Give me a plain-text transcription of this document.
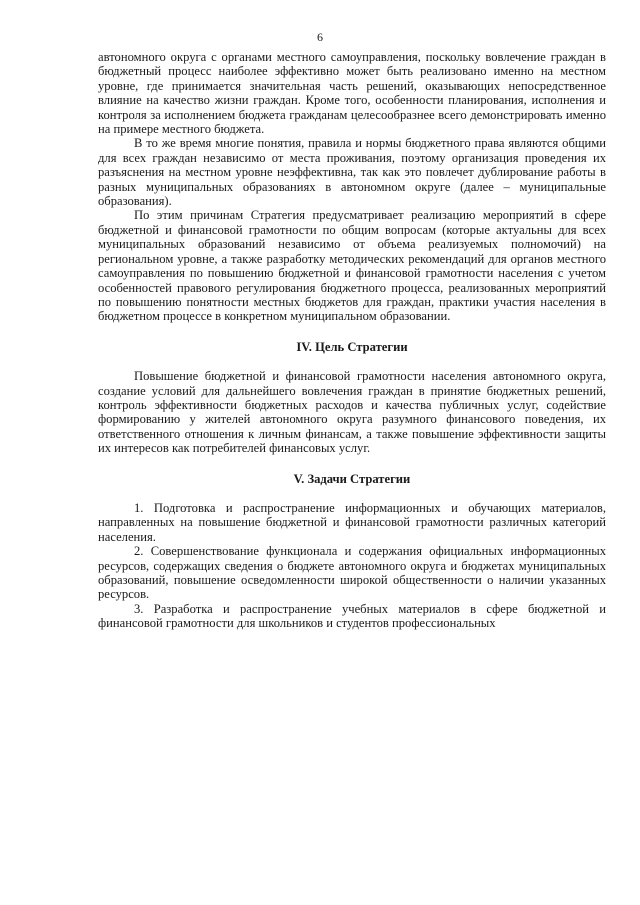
6

автономного округа с органами местного самоуправления, поскольку вовлечение граждан в бюджетный процесс наиболее эффективно может быть реализовано именно на местном уровне, где принимается значительная часть решений, оказывающих непосредственное влияние на качество жизни граждан. Кроме того, особенности планирования, исполнения и контроля за исполнением бюджета гражданам целесообразнее всего демонстрировать именно на примере местного бюджета.

В то же время многие понятия, правила и нормы бюджетного права являются общими для всех граждан независимо от места проживания, поэтому организация проведения их разъяснения на местном уровне неэффективна, так как это повлечет дублирование работы в разных муниципальных образованиях в автономном округе (далее – муниципальные образования).

По этим причинам Стратегия предусматривает реализацию мероприятий в сфере бюджетной и финансовой грамотности по общим вопросам (которые актуальны для всех муниципальных образований независимо от объема реализуемых полномочий) на региональном уровне, а также разработку методических рекомендаций для органов местного самоуправления по повышению бюджетной и финансовой грамотности населения с учетом особенностей правового регулирования бюджетного процесса, реализованных мероприятий по повышению понятности местных бюджетов для граждан, практики участия населения в бюджетном процессе в конкретном муниципальном образовании.

IV. Цель Стратегии

Повышение бюджетной и финансовой грамотности населения автономного округа, создание условий для дальнейшего вовлечения граждан в принятие бюджетных решений, контроль эффективности бюджетных расходов и качества публичных услуг, содействие формированию у жителей автономного округа разумного финансового поведения, их ответственного отношения к личным финансам, а также повышение эффективности защиты их интересов как потребителей финансовых услуг.

V. Задачи Стратегии

1. Подготовка и распространение информационных и обучающих материалов, направленных на повышение бюджетной и финансовой грамотности различных категорий населения.

2. Совершенствование функционала и содержания официальных информационных ресурсов, содержащих сведения о бюджете автономного округа и бюджетах муниципальных образований, повышение осведомленности широкой общественности о наличии указанных ресурсов.

3. Разработка и распространение учебных материалов в сфере бюджетной и финансовой грамотности для школьников и студентов профессиональных
